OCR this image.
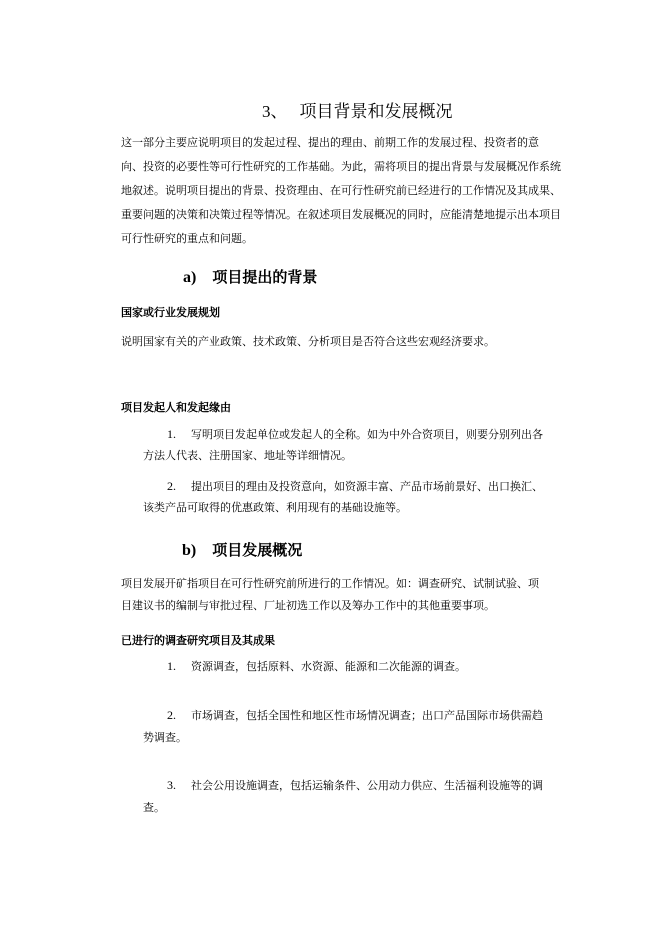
3、 项目背景和发展概况

这一部分主要应说明项目的发起过程、提出的理由、前期工作的发展过程、投资者的意

向、投资的必要性等可行性研究的工作基础。为此，需将项目的提出背景与发展概况作系统

地叙述。说明项目提出的背景、投资理由、在可行性研究前已经进行的工作情况及其成果、

重要问题的决策和决策过程等情况。在叙述项目发展概况的同时，应能清楚地提示出本项目

可行性研究的重点和问题。

a) 项目提出的背景
国家或行业发展规划
说明国家有关的产业政策、技术政策、分析项目是否符合这些宏观经济要求。
项目发起人和发起缘由
1. 写明项目发起单位或发起人的全称。如为中外合资项目，则要分别列出各
方法人代表、注册国家、地址等详细情况。
2. 提出项目的理由及投资意向，如资源丰富、产品市场前景好、出口换汇、
该类产品可取得的优惠政策、利用现有的基础设施等。
b) 项目发展概况
项目发展开矿指项目在可行性研究前所进行的工作情况。如：调查研究、试制试验、项
目建议书的编制与审批过程、厂址初选工作以及筹办工作中的其他重要事项。
已进行的调查研究项目及其成果
1. 资源调查，包括原料、水资源、能源和二次能源的调查。
2. 市场调查，包括全国性和地区性市场情况调查；出口产品国际市场供需趋
势调查。
3. 社会公用设施调查，包括运输条件、公用动力供应、生活福利设施等的调
查。
